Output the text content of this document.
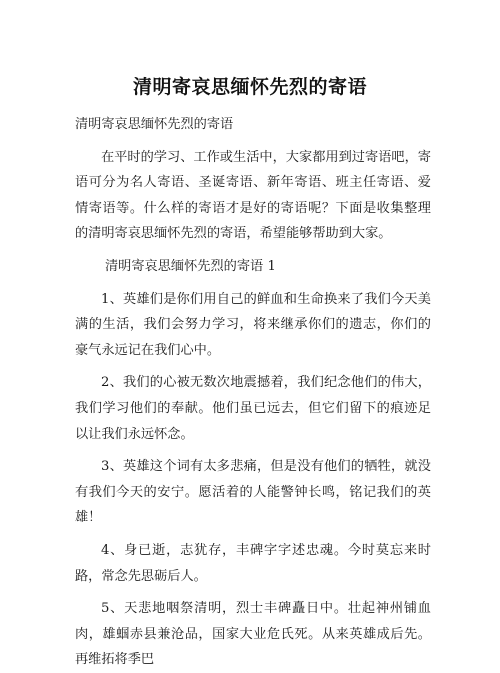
清明寄哀思缅怀先烈的寄语

清明寄哀思缅怀先烈的寄语

在平时的学习、工作或生活中，大家都用到过寄语吧，寄语可分为名人寄语、圣诞寄语、新年寄语、班主任寄语、爱情寄语等。什么样的寄语才是好的寄语呢？下面是收集整理的清明寄哀思缅怀先烈的寄语，希望能够帮助到大家。

清明寄哀思缅怀先烈的寄语 1

1、英雄们是你们用自己的鲜血和生命换来了我们今天美满的生活，我们会努力学习，将来继承你们的遗志，你们的豪气永远记在我们心中。

2、我们的心被无数次地震撼着，我们纪念他们的伟大，我们学习他们的奉献。他们虽已远去，但它们留下的痕迹足以让我们永远怀念。

3、英雄这个词有太多悲痛，但是没有他们的牺牲，就没有我们今天的安宁。愿活着的人能警钟长鸣，铭记我们的英雄！

4、身已逝，志犹存，丰碑字字述忠魂。今时莫忘来时路，常念先思砺后人。

5、天悲地咽祭清明，烈士丰碑矗日中。壮起神州铺血肉，雄蝈赤县兼沧品，国家大业危氏死。从来英雄成后先。再维拓将季巴
